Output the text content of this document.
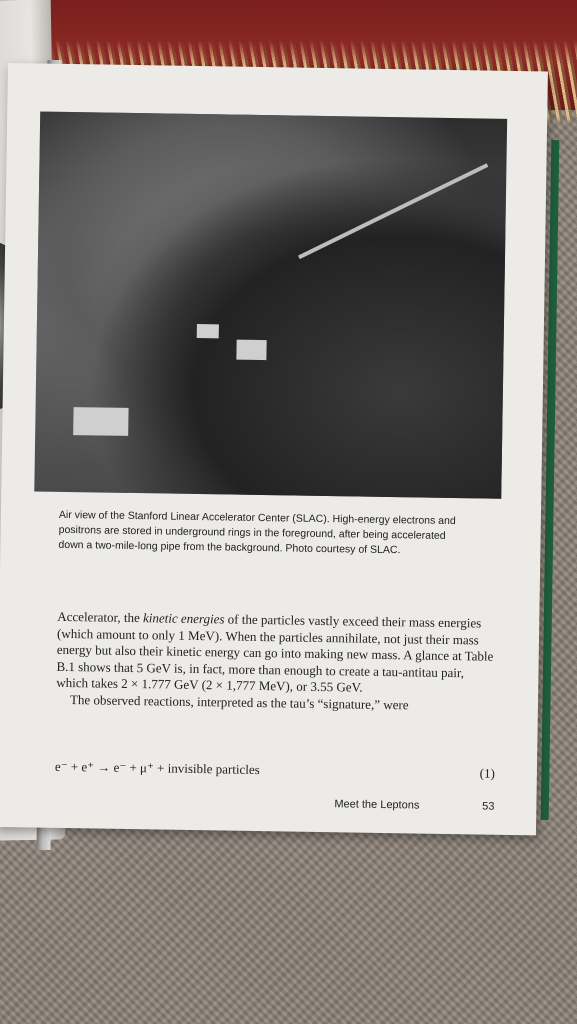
Air view of the Stanford Linear Accelerator Center (SLAC). High-energy electrons and positrons are stored in underground rings in the foreground, after being accelerated down a two-mile-long pipe from the background. Photo courtesy of SLAC.

Accelerator, the kinetic energies of the particles vastly exceed their mass energies (which amount to only 1 MeV). When the particles annihilate, not just their mass energy but also their kinetic energy can go into making new mass. A glance at Table B.1 shows that 5 GeV is, in fact, more than enough to create a tau-antitau pair, which takes 2 × 1.777 GeV (2 × 1,777 MeV), or 3.55 GeV.

The observed reactions, interpreted as the tau’s “signature,” were

e⁻ + e⁺ → e⁻ + μ⁺ + invisible particles	(1)
Meet the Leptons	53
